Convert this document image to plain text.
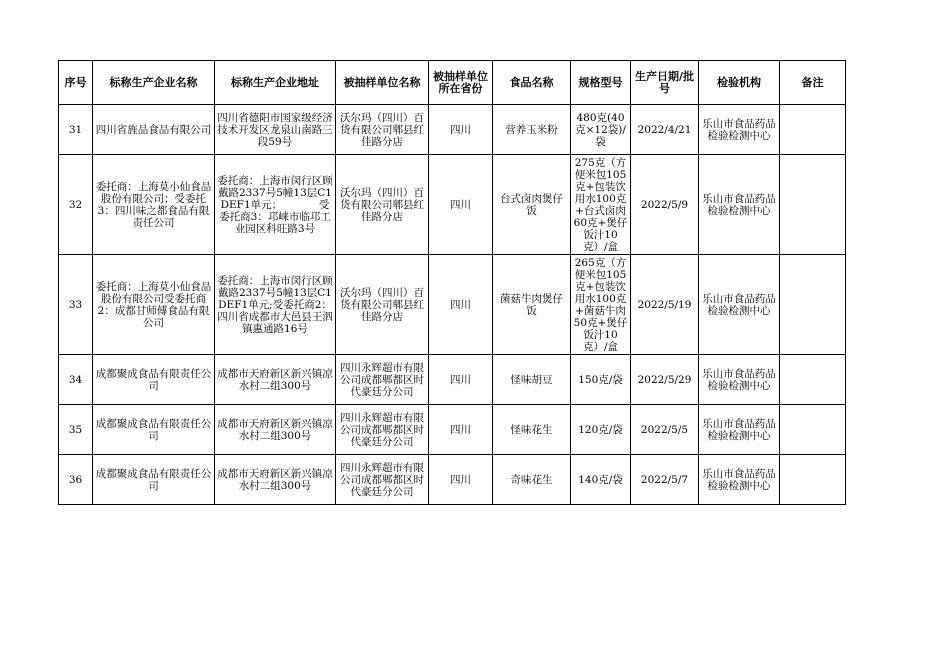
序号	标称生产企业名称	标称生产企业地址	被抽样单位名称	被抽样单位所在省份	食品名称	规格型号	生产日期/批号	检验机构	备注
31	四川省旌品食品有限公司	四川省德阳市国家级经济技术开发区龙泉山南路三段59号	沃尔玛（四川）百货有限公司郫县红佳路分店	四川	营养玉米粉	480克(40克×12袋)/袋	2022/4/21	乐山市食品药品检验检测中心	
32	委托商：上海莫小仙食品股份有限公司；受委托3：四川味之都食品有限责任公司	委托商：上海市闵行区顾戴路2337号5幢13层C1DEF1单元；　　　　受委托商3：邛崃市临邛工业园区科旺路3号	沃尔玛（四川）百货有限公司郫县红佳路分店	四川	台式卤肉煲仔饭	275克（方便米包105克+包装饮用水100克+台式卤肉60克+煲仔饭汁10克）/盒	2022/5/9	乐山市食品药品检验检测中心	
33	委托商：上海莫小仙食品股份有限公司受委托商2：成都甘师傅食品有限公司	委托商：上海市闵行区顾戴路2337号5幢13层C1DEF1单元;受委托商2：四川省成都市大邑县王泗镇惠通路16号	沃尔玛（四川）百货有限公司郫县红佳路分店	四川	菌菇牛肉煲仔饭	265克（方便米包105克+包装饮用水100克+菌菇牛肉50克+煲仔饭汁10克）/盒	2022/5/19	乐山市食品药品检验检测中心	
34	成都聚成食品有限责任公司	成都市天府新区新兴镇凉水村二组300号	四川永辉超市有限公司成都郫都区时代豪廷分公司	四川	怪味胡豆	150克/袋	2022/5/29	乐山市食品药品检验检测中心	
35	成都聚成食品有限责任公司	成都市天府新区新兴镇凉水村二组300号	四川永辉超市有限公司成都郫都区时代豪廷分公司	四川	怪味花生	120克/袋	2022/5/5	乐山市食品药品检验检测中心	
36	成都聚成食品有限责任公司	成都市天府新区新兴镇凉水村二组300号	四川永辉超市有限公司成都郫都区时代豪廷分公司	四川	奇味花生	140克/袋	2022/5/7	乐山市食品药品检验检测中心	
